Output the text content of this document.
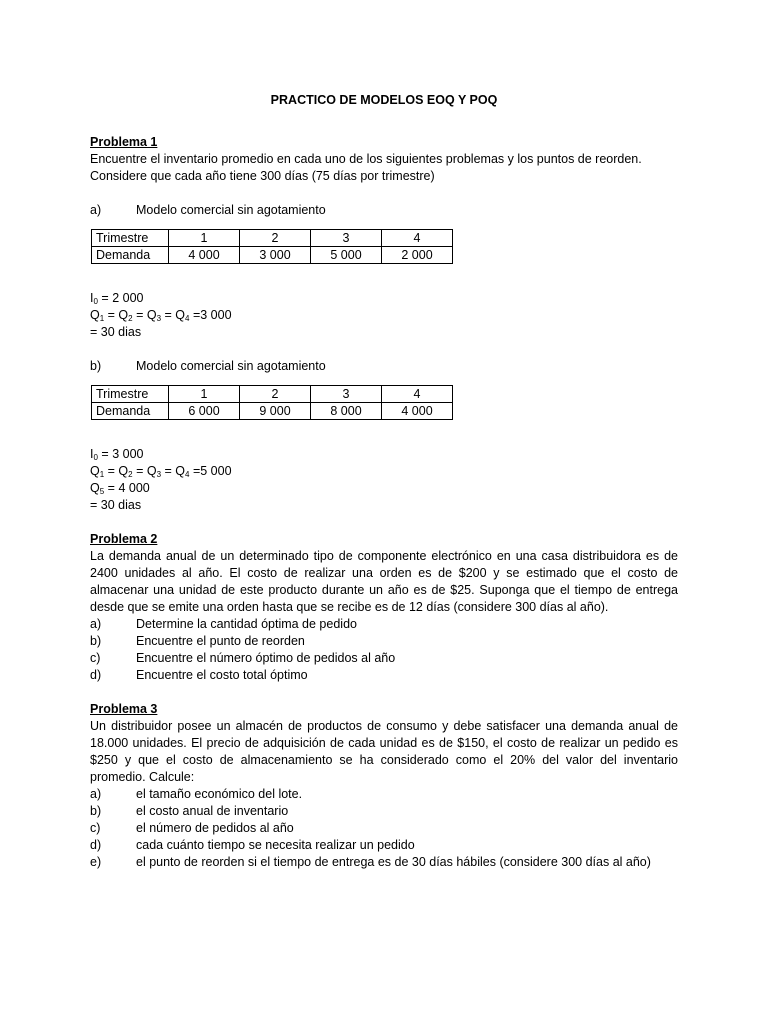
PRACTICO DE MODELOS EOQ Y POQ

Problema 1

Encuentre el inventario promedio en cada uno de los siguientes problemas y los puntos de reorden.

Considere que cada año tiene 300 días (75 días por trimestre)

a)	Modelo comercial sin agotamiento
Trimestre	1	2	3	4
Demanda	4 000	3 000	5 000	2 000

$I_0 = 2$ 000

$Q_1 = Q_2 = Q_3 = Q_4 =3$ 000

= 30 dias

b)	Modelo comercial sin agotamiento
Trimestre	1	2	3	4
Demanda	6 000	9 000	8 000	4 000

$I_0 = 3$ 000

$Q_1 = Q_2 = Q_3 = Q_4 =5$ 000

$Q_5 = 4$ 000

= 30 dias

Problema 2

La demanda anual de un determinado tipo de componente electrónico en una casa distribuidora es de 2400 unidades al año. El costo de realizar una orden es de $200 y se estimado que el costo de almacenar una unidad de este producto durante un año es de $25. Suponga que el tiempo de entrega desde que se emite una orden hasta que se recibe es de 12 días (considere 300 días al año).

a)	Determine la cantidad óptima de pedido
b)	Encuentre el punto de reorden
c)	Encuentre el número óptimo de pedidos al año
d)	Encuentre el costo total óptimo

Problema 3

Un distribuidor posee un almacén de productos de consumo y debe satisfacer una demanda anual de 18.000 unidades. El precio de adquisición de cada unidad es de $150, el costo de realizar un pedido es $250 y que el costo de almacenamiento se ha considerado como el 20% del valor del inventario promedio. Calcule:

a)	el tamaño económico del lote.
b)	el costo anual de inventario
c)	el número de pedidos al año
d)	cada cuánto tiempo se necesita realizar un pedido
e)	el punto de reorden si el tiempo de entrega es de 30 días hábiles (considere 300 días al año)
